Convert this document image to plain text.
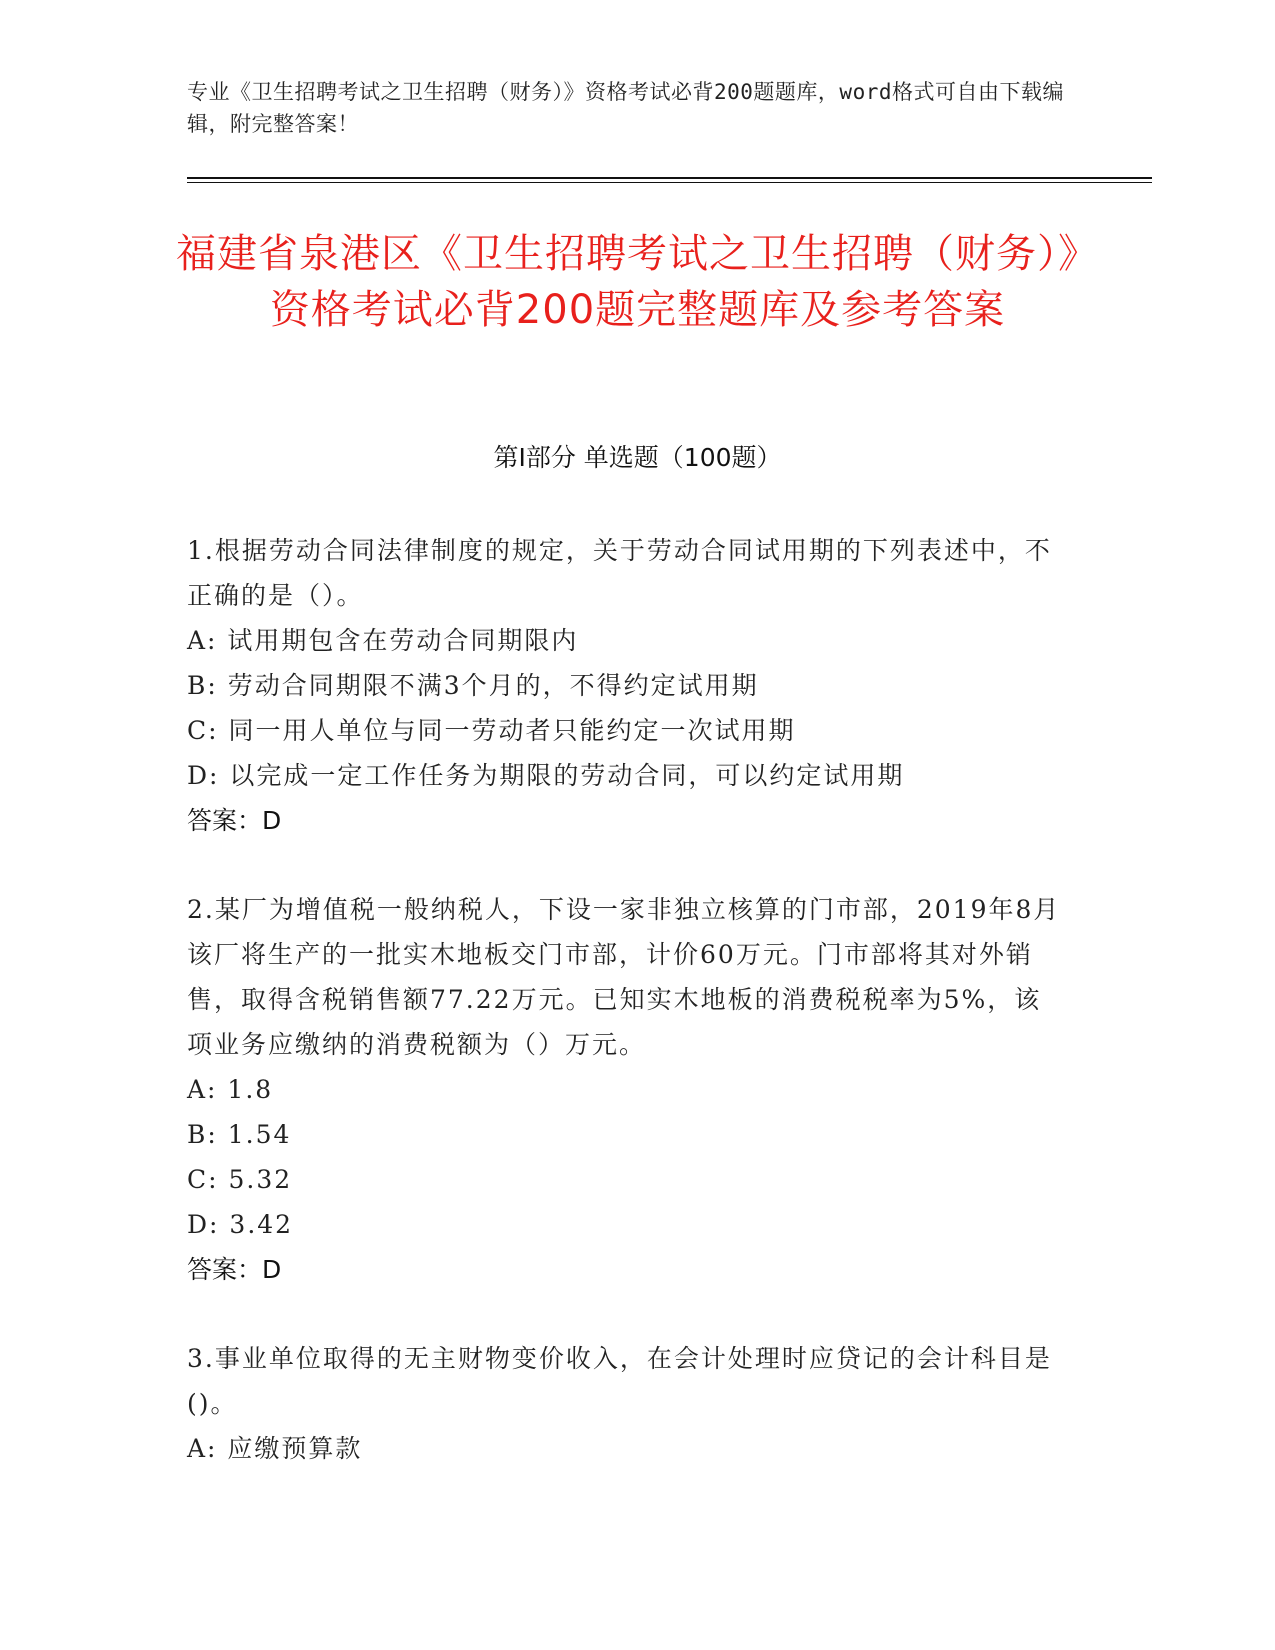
专业《卫生招聘考试之卫生招聘（财务）》资格考试必背200题题库，word格式可自由下载编辑，附完整答案！
福建省泉港区《卫生招聘考试之卫生招聘（财务）》资格考试必背200题完整题库及参考答案
第I部分 单选题（100题）
1.根据劳动合同法律制度的规定，关于劳动合同试用期的下列表述中，不正确的是（）。
A: 试用期包含在劳动合同期限内
B: 劳动合同期限不满3个月的，不得约定试用期
C: 同一用人单位与同一劳动者只能约定一次试用期
D: 以完成一定工作任务为期限的劳动合同，可以约定试用期
答案：D
2.某厂为增值税一般纳税人，下设一家非独立核算的门市部，2019年8月该厂将生产的一批实木地板交门市部，计价60万元。门市部将其对外销售，取得含税销售额77.22万元。已知实木地板的消费税税率为5%，该项业务应缴纳的消费税额为（）万元。
A: 1.8
B: 1.54
C: 5.32
D: 3.42
答案：D
3.事业单位取得的无主财物变价收入，在会计处理时应贷记的会计科目是()。
A: 应缴预算款
